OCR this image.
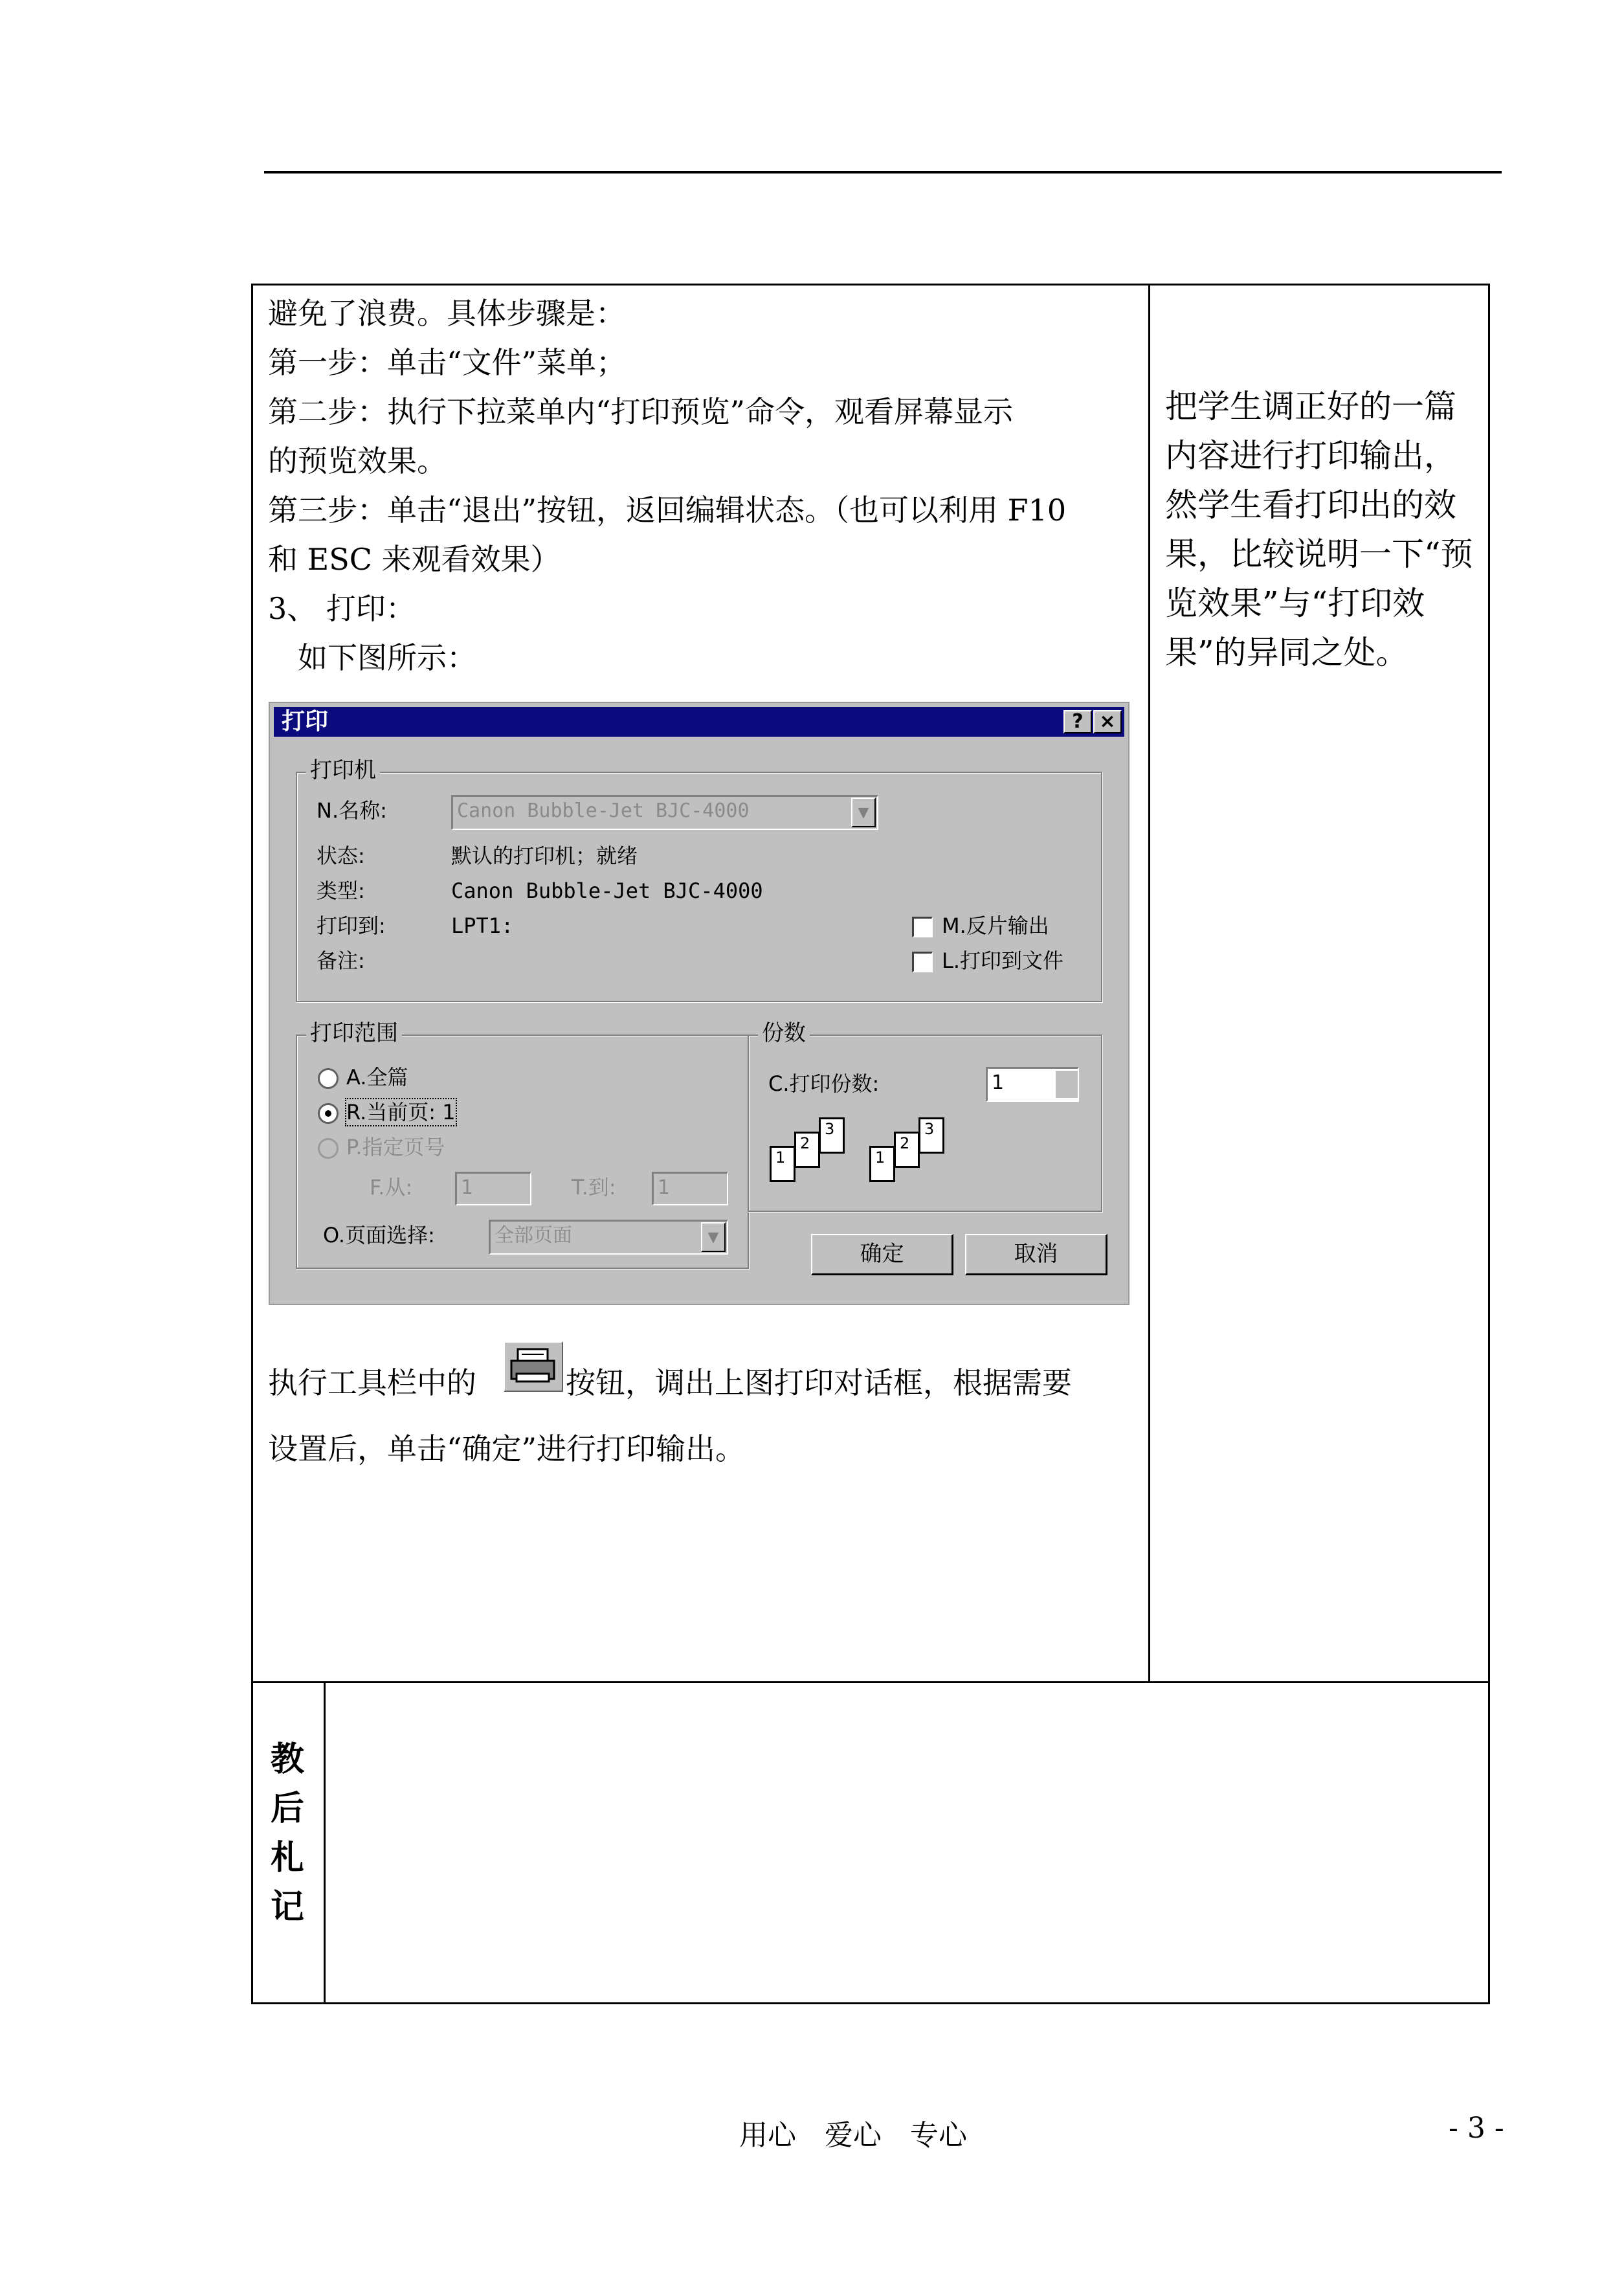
避免了浪费。具体步骤是：
第一步：单击“文件”菜单；
第二步：执行下拉菜单内“打印预览”命令，观看屏幕显示
的预览效果。
第三步：单击“退出”按钮，返回编辑状态。（也可以利用 F10
和 ESC 来观看效果）
3、 打印：
　如下图所示：
把学生调正好的一篇
内容进行打印输出，
然学生看打印出的效
果，比较说明一下“预
览效果”与“打印效
果”的异同之处。
打印	? ×
打印机
N.名称:	Canon Bubble-Jet BJC-4000	▼
状态:	默认的打印机；就绪
类型:	Canon Bubble-Jet BJC-4000
打印到:	LPT1:
备注:
M.反片输出
L.打印到文件
打印范围
A.全篇
R.当前页: 1
P.指定页号
F.从:	1	T.到:	1
O.页面选择:	全部页面	▼
份数
C.打印份数:	1
1
2
3
1
2
3
确定	取消
执行工具栏中的	按钮，调出上图打印对话框，根据需要
设置后，单击“确定”进行打印输出。
教
后
札
记
用心　爱心　专心	- 3 -
